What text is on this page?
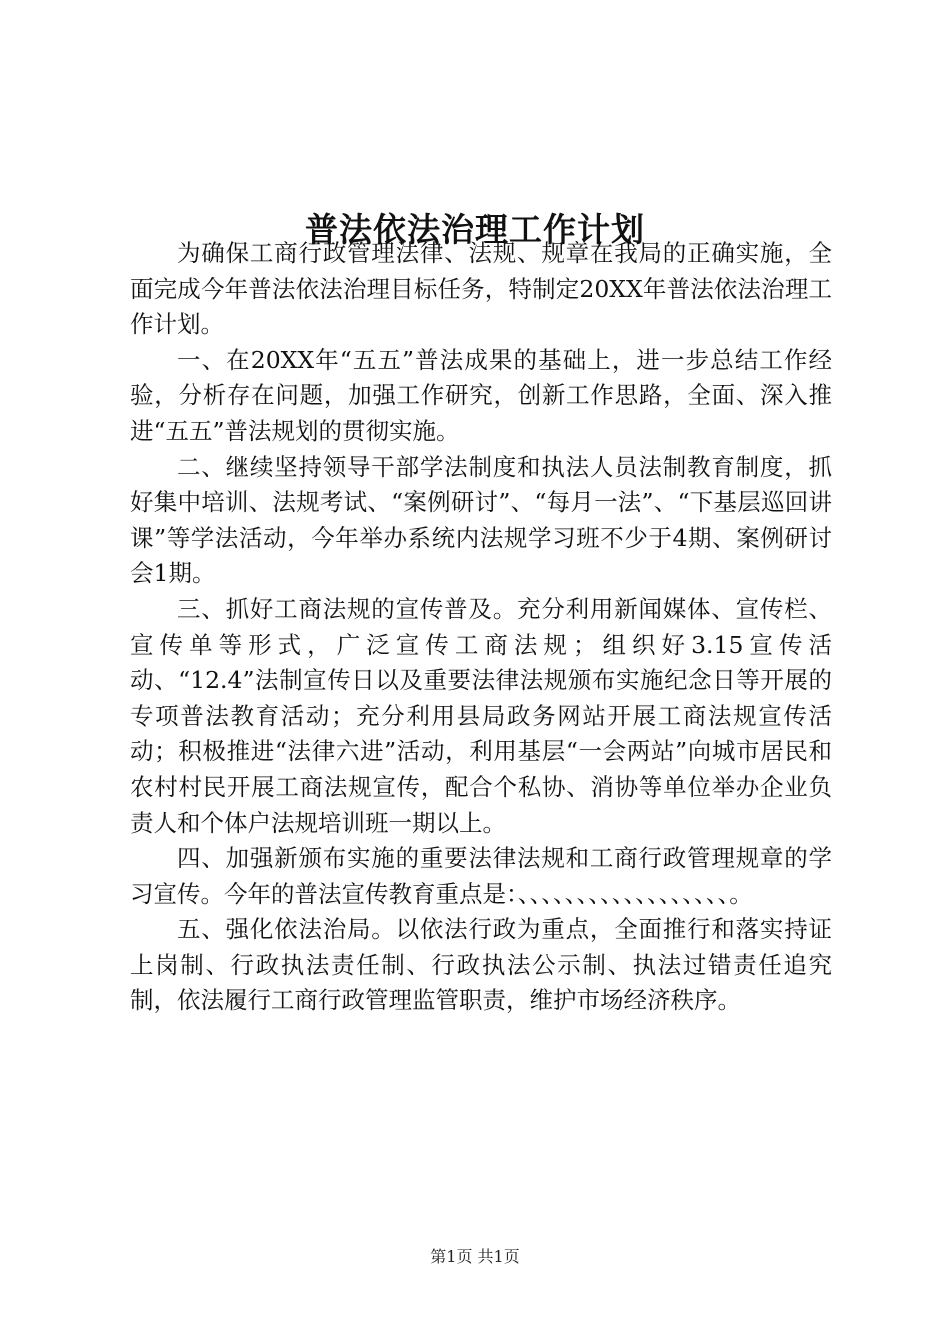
普法依法治理工作计划

为确保工商行政管理法律、法规、规章在我局的正确实施，全面完成今年普法依法治理目标任务，特制定20XX年普法依法治理工作计划。

一、在20XX年“五五”普法成果的基础上，进一步总结工作经验，分析存在问题，加强工作研究，创新工作思路，全面、深入推进“五五”普法规划的贯彻实施。

二、继续坚持领导干部学法制度和执法人员法制教育制度，抓好集中培训、法规考试、“案例研讨”、“每月一法”、“下基层巡回讲课”等学法活动，今年举办系统内法规学习班不少于4期、案例研讨会1期。

三、抓好工商法规的宣传普及。充分利用新闻媒体、宣传栏、宣传单等形式，广泛宣传工商法规；组织好3.15宣传活动、“12.4”法制宣传日以及重要法律法规颁布实施纪念日等开展的专项普法教育活动；充分利用县局政务网站开展工商法规宣传活动；积极推进“法律六进”活动，利用基层“一会两站”向城市居民和农村村民开展工商法规宣传，配合个私协、消协等单位举办企业负责人和个体户法规培训班一期以上。

四、加强新颁布实施的重要法律法规和工商行政管理规章的学习宣传。今年的普法宣传教育重点是：、、、、、、、、、、、、、、、、、、。

五、强化依法治局。以依法行政为重点，全面推行和落实持证上岗制、行政执法责任制、行政执法公示制、执法过错责任追究制，依法履行工商行政管理监管职责，维护市场经济秩序。

第1页 共1页
